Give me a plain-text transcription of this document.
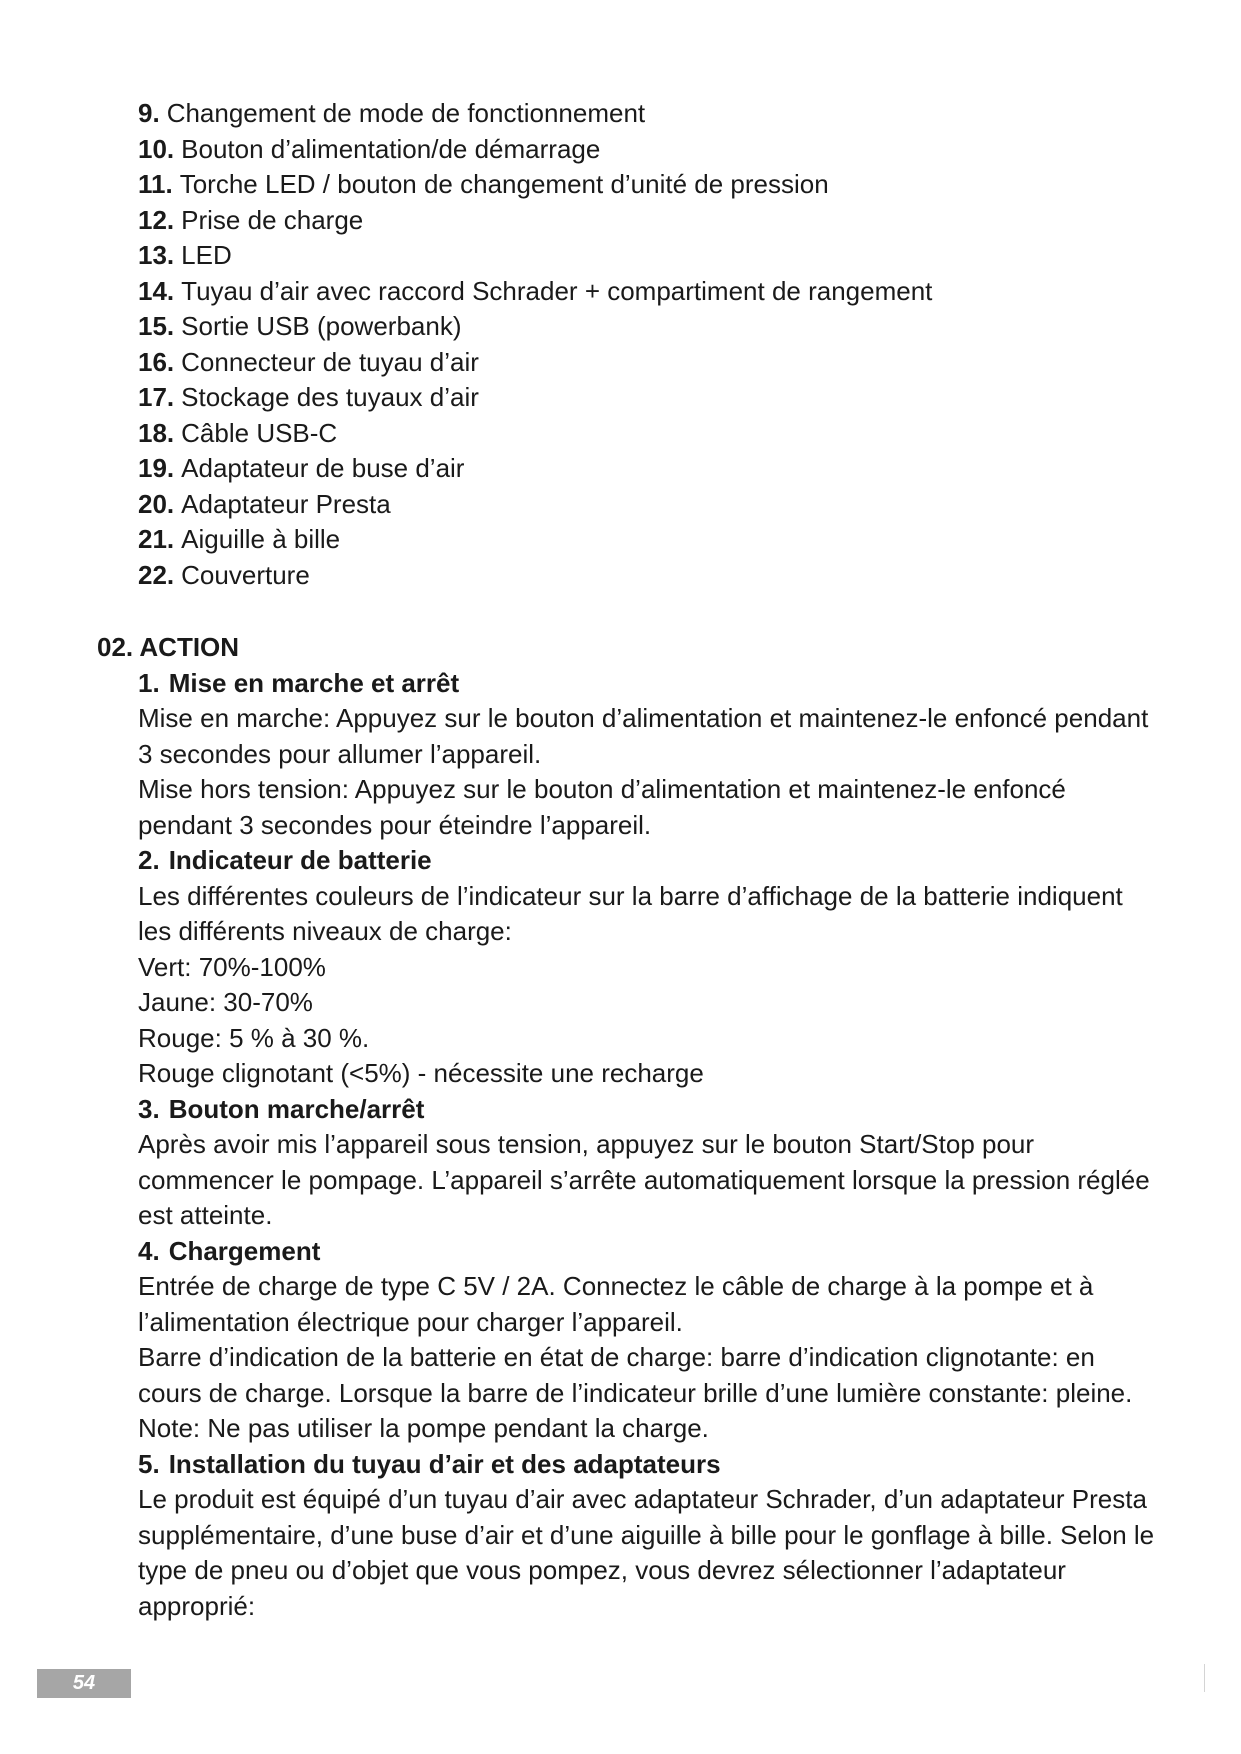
9. Changement de mode de fonctionnement
10. Bouton d’alimentation/de démarrage
11. Torche LED / bouton de changement d’unité de pression
12. Prise de charge
13. LED
14. Tuyau d’air avec raccord Schrader + compartiment de rangement
15. Sortie USB (powerbank)
16. Connecteur de tuyau d’air
17. Stockage des tuyaux d’air
18. Câble USB-C
19. Adaptateur de buse d’air
20. Adaptateur Presta
21. Aiguille à bille
22. Couverture
02. ACTION
1. Mise en marche et arrêt

Mise en marche: Appuyez sur le bouton d’alimentation et maintenez-le enfoncé pendant 3 secondes pour allumer l’appareil.

Mise hors tension: Appuyez sur le bouton d’alimentation et maintenez-le enfoncé pendant 3 secondes pour éteindre l’appareil.

2. Indicateur de batterie

Les différentes couleurs de l’indicateur sur la barre d’affichage de la batterie indiquent les différents niveaux de charge:

Vert: 70%-100%

Jaune: 30-70%

Rouge: 5 % à 30 %.

Rouge clignotant (<5%) - nécessite une recharge

3. Bouton marche/arrêt

Après avoir mis l’appareil sous tension, appuyez sur le bouton Start/Stop pour commencer le pompage. L’appareil s’arrête automatiquement lorsque la pression réglée est atteinte.

4. Chargement

Entrée de charge de type C 5V / 2A. Connectez le câble de charge à la pompe et à l’alimentation électrique pour charger l’appareil.

Barre d’indication de la batterie en état de charge: barre d’indication clignotante: en cours de charge. Lorsque la barre de l’indicateur brille d’une lumière constante: pleine.

Note: Ne pas utiliser la pompe pendant la charge.

5. Installation du tuyau d’air et des adaptateurs

Le produit est équipé d’un tuyau d’air avec adaptateur Schrader, d’un adaptateur Presta supplémentaire, d’une buse d’air et d’une aiguille à bille pour le gonflage à bille. Selon le type de pneu ou d’objet que vous pompez, vous devrez sélectionner l’adaptateur approprié:

54
